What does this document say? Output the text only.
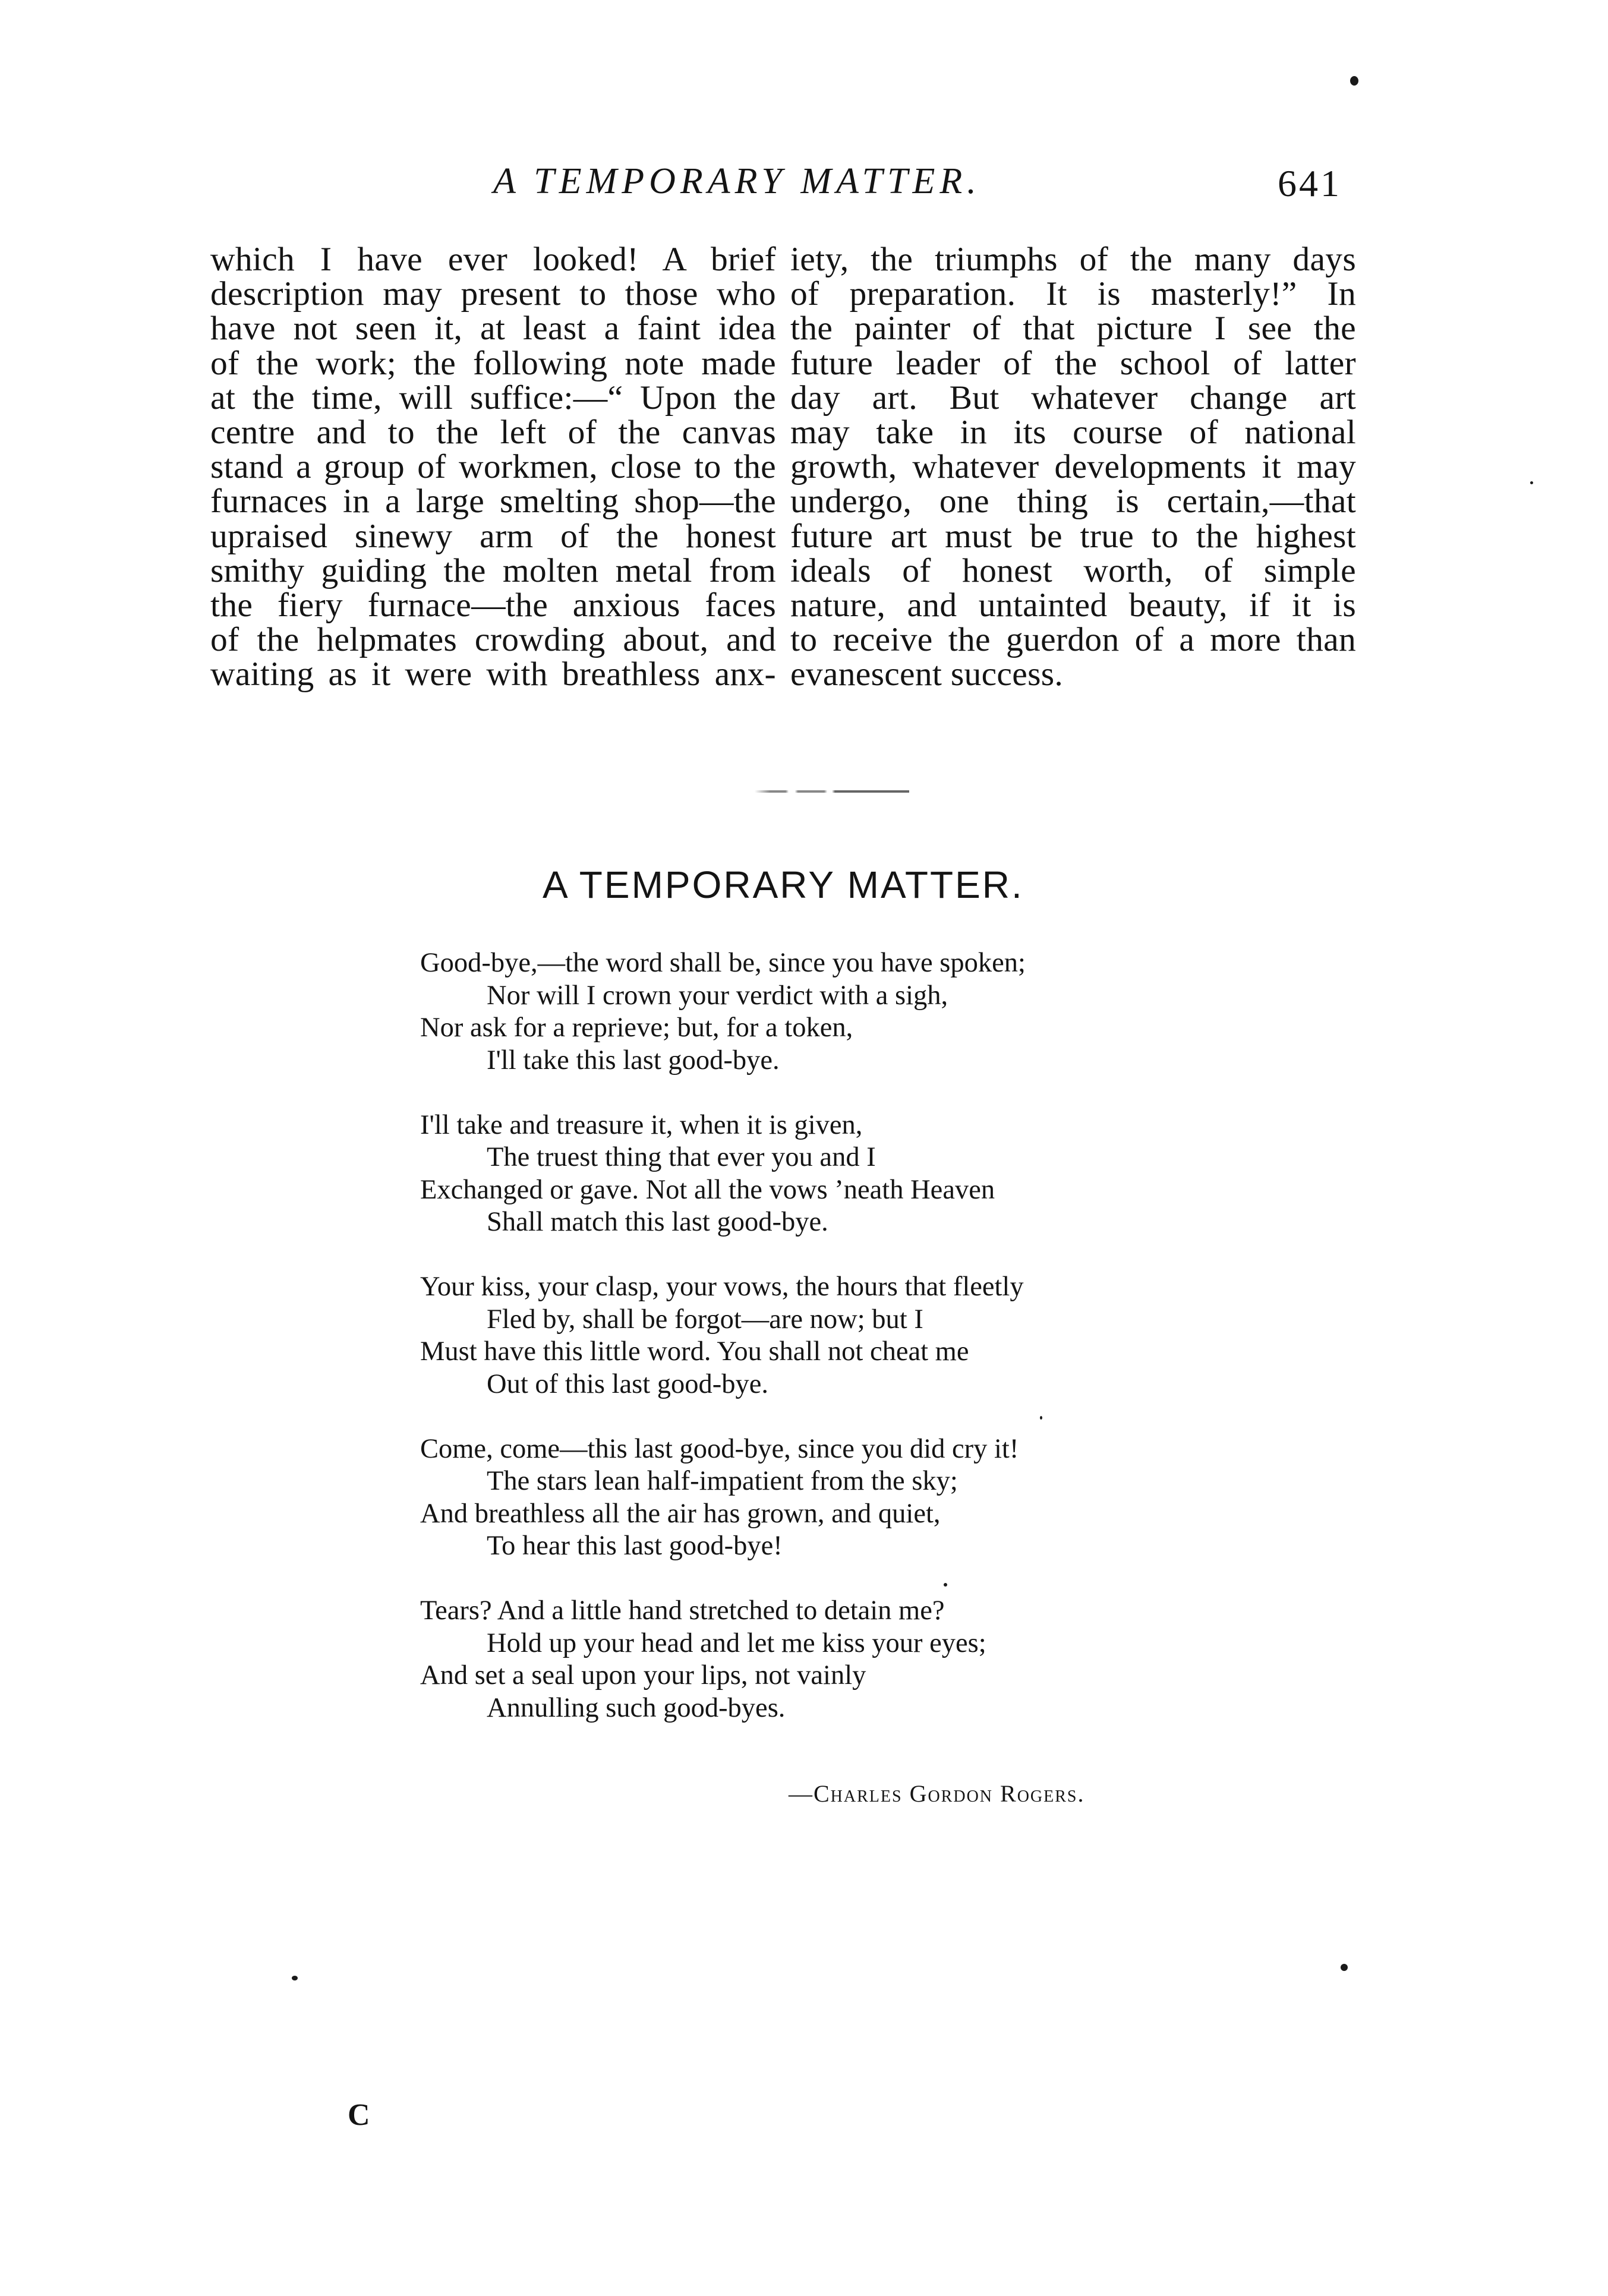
A TEMPORARY MATTER.	641
which I have ever looked! A brief
description may present to those who
have not seen it, at least a faint idea
of the work; the following note made
at the time, will suffice:—“ Upon the
centre and to the left of the canvas
stand a group of workmen, close to the
furnaces in a large smelting shop—the
upraised sinewy arm of the honest
smithy guiding the molten metal from
the fiery furnace—the anxious faces
of the helpmates crowding about, and
waiting as it were with breathless anx-
iety, the triumphs of the many days
of preparation. It is masterly!” In
the painter of that picture I see the
future leader of the school of latter
day art. But whatever change art
may take in its course of national
growth, whatever developments it may
undergo, one thing is certain,—that
future art must be true to the highest
ideals of honest worth, of simple
nature, and untainted beauty, if it is
to receive the guerdon of a more than
evanescent success.
A TEMPORARY MATTER.
Good-bye,—the word shall be, since you have spoken;
Nor will I crown your verdict with a sigh,
Nor ask for a reprieve; but, for a token,
I'll take this last good-bye.
I'll take and treasure it, when it is given,
The truest thing that ever you and I
Exchanged or gave. Not all the vows ’neath Heaven
Shall match this last good-bye.
Your kiss, your clasp, your vows, the hours that fleetly
Fled by, shall be forgot—are now; but I
Must have this little word. You shall not cheat me
Out of this last good-bye.
Come, come—this last good-bye, since you did cry it!
The stars lean half-impatient from the sky;
And breathless all the air has grown, and quiet,
To hear this last good-bye!
Tears? And a little hand stretched to detain me?
Hold up your head and let me kiss your eyes;
And set a seal upon your lips, not vainly
Annulling such good-byes.
—Charles Gordon Rogers.
C
